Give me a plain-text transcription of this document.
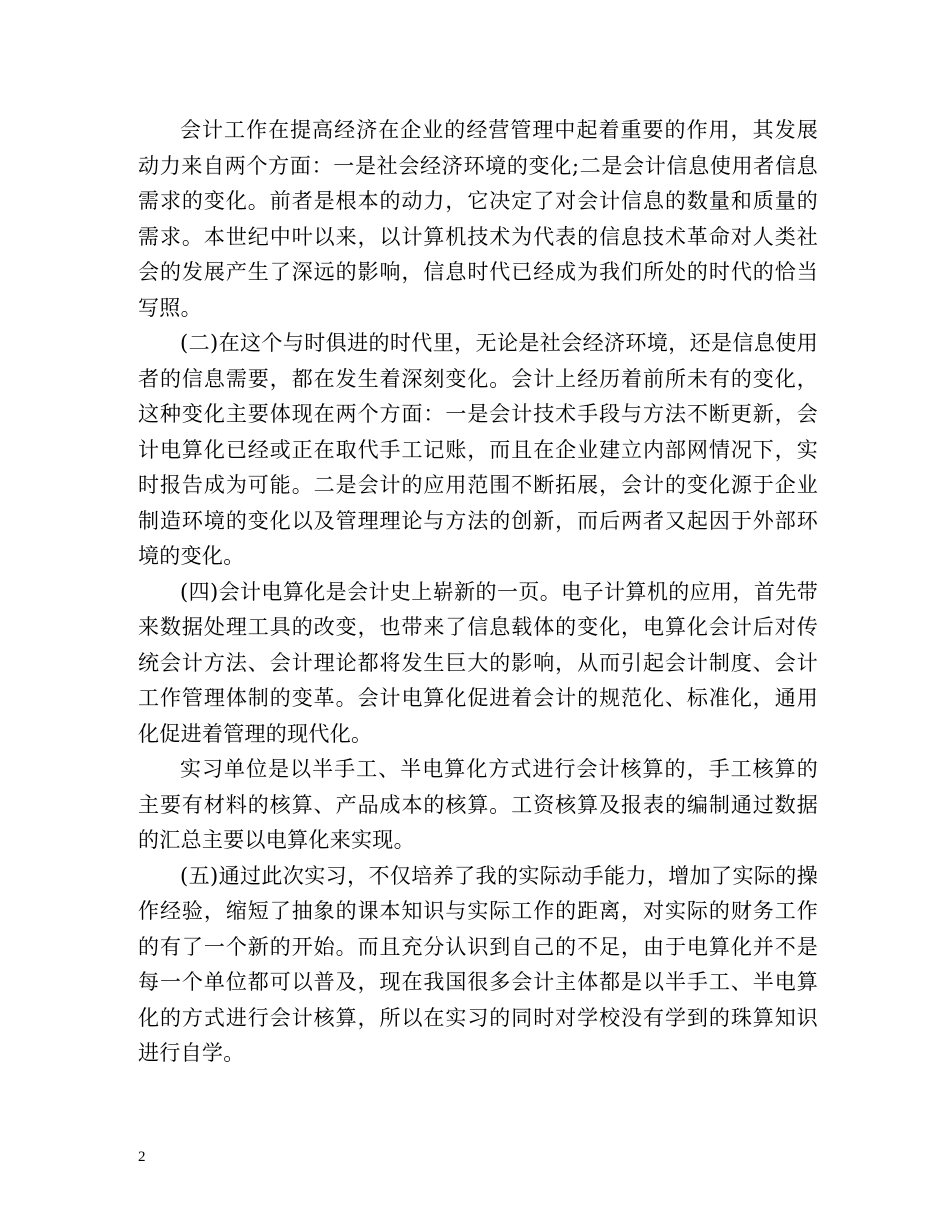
会计工作在提高经济在企业的经营管理中起着重要的作用，其发展动力来自两个方面：一是社会经济环境的变化;二是会计信息使用者信息需求的变化。前者是根本的动力，它决定了对会计信息的数量和质量的需求。本世纪中叶以来，以计算机技术为代表的信息技术革命对人类社会的发展产生了深远的影响，信息时代已经成为我们所处的时代的恰当写照。

(二)在这个与时俱进的时代里，无论是社会经济环境，还是信息使用者的信息需要，都在发生着深刻变化。会计上经历着前所未有的变化，这种变化主要体现在两个方面：一是会计技术手段与方法不断更新，会计电算化已经或正在取代手工记账，而且在企业建立内部网情况下，实时报告成为可能。二是会计的应用范围不断拓展，会计的变化源于企业制造环境的变化以及管理理论与方法的创新，而后两者又起因于外部环境的变化。

(四)会计电算化是会计史上崭新的一页。电子计算机的应用，首先带来数据处理工具的改变，也带来了信息载体的变化，电算化会计后对传统会计方法、会计理论都将发生巨大的影响，从而引起会计制度、会计工作管理体制的变革。会计电算化促进着会计的规范化、标准化，通用化促进着管理的现代化。

实习单位是以半手工、半电算化方式进行会计核算的，手工核算的主要有材料的核算、产品成本的核算。工资核算及报表的编制通过数据的汇总主要以电算化来实现。

(五)通过此次实习，不仅培养了我的实际动手能力，增加了实际的操作经验，缩短了抽象的课本知识与实际工作的距离，对实际的财务工作的有了一个新的开始。而且充分认识到自己的不足，由于电算化并不是每一个单位都可以普及，现在我国很多会计主体都是以半手工、半电算化的方式进行会计核算，所以在实习的同时对学校没有学到的珠算知识进行自学。

2
